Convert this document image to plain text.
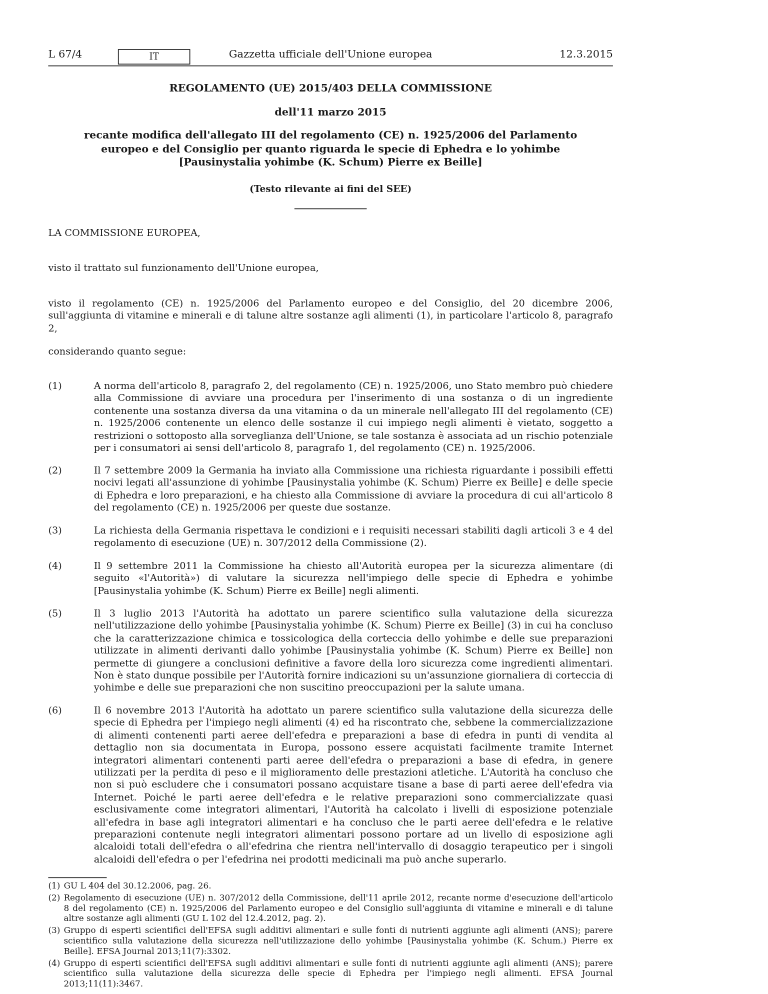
L 67/4	IT	Gazzetta ufficiale dell'Unione europea	12.3.2015
REGOLAMENTO (UE) 2015/403 DELLA COMMISSIONE
dell'11 marzo 2015
recante modifica dell'allegato III del regolamento (CE) n. 1925/2006 del Parlamento europeo e del Consiglio per quanto riguarda le specie di Ephedra e lo yohimbe [Pausinystalia yohimbe (K. Schum) Pierre ex Beille]
(Testo rilevante ai fini del SEE)
LA COMMISSIONE EUROPEA,
visto il trattato sul funzionamento dell'Unione europea,
visto il regolamento (CE) n. 1925/2006 del Parlamento europeo e del Consiglio, del 20 dicembre 2006, sull'aggiunta di vitamine e minerali e di talune altre sostanze agli alimenti (1), in particolare l'articolo 8, paragrafo 2,
considerando quanto segue:
(1)	A norma dell'articolo 8, paragrafo 2, del regolamento (CE) n. 1925/2006, uno Stato membro può chiedere alla Commissione di avviare una procedura per l'inserimento di una sostanza o di un ingrediente contenente una sostanza diversa da una vitamina o da un minerale nell'allegato III del regolamento (CE) n. 1925/2006 contenente un elenco delle sostanze il cui impiego negli alimenti è vietato, soggetto a restrizioni o sottoposto alla sorveglianza dell'Unione, se tale sostanza è associata ad un rischio potenziale per i consumatori ai sensi dell'articolo 8, paragrafo 1, del regolamento (CE) n. 1925/2006.
(2)	Il 7 settembre 2009 la Germania ha inviato alla Commissione una richiesta riguardante i possibili effetti nocivi legati all'assunzione di yohimbe [Pausinystalia yohimbe (K. Schum) Pierre ex Beille] e delle specie di Ephedra e loro preparazioni, e ha chiesto alla Commissione di avviare la procedura di cui all'articolo 8 del regolamento (CE) n. 1925/2006 per queste due sostanze.
(3)	La richiesta della Germania rispettava le condizioni e i requisiti necessari stabiliti dagli articoli 3 e 4 del regolamento di esecuzione (UE) n. 307/2012 della Commissione (2).
(4)	Il 9 settembre 2011 la Commissione ha chiesto all'Autorità europea per la sicurezza alimentare (di seguito «l'Autorità») di valutare la sicurezza nell'impiego delle specie di Ephedra e yohimbe [Pausinystalia yohimbe (K. Schum) Pierre ex Beille] negli alimenti.
(5)	Il 3 luglio 2013 l'Autorità ha adottato un parere scientifico sulla valutazione della sicurezza nell'utilizzazione dello yohimbe [Pausinystalia yohimbe (K. Schum) Pierre ex Beille] (3) in cui ha concluso che la caratterizzazione chimica e tossicologica della corteccia dello yohimbe e delle sue preparazioni utilizzate in alimenti derivanti dallo yohimbe [Pausinystalia yohimbe (K. Schum) Pierre ex Beille] non permette di giungere a conclusioni definitive a favore della loro sicurezza come ingredienti alimentari. Non è stato dunque possibile per l'Autorità fornire indicazioni su un'assunzione giornaliera di corteccia di yohimbe e delle sue preparazioni che non suscitino preoccupazioni per la salute umana.
(6)	Il 6 novembre 2013 l'Autorità ha adottato un parere scientifico sulla valutazione della sicurezza delle specie di Ephedra per l'impiego negli alimenti (4) ed ha riscontrato che, sebbene la commercializzazione di alimenti contenenti parti aeree dell'efedra e preparazioni a base di efedra in punti di vendita al dettaglio non sia documentata in Europa, possono essere acquistati facilmente tramite Internet integratori alimentari contenenti parti aeree dell'efedra o preparazioni a base di efedra, in genere utilizzati per la perdita di peso e il miglioramento delle prestazioni atletiche. L'Autorità ha concluso che non si può escludere che i consumatori possano acquistare tisane a base di parti aeree dell'efedra via Internet. Poiché le parti aeree dell'efedra e le relative preparazioni sono commercializzate quasi esclusivamente come integratori alimentari, l'Autorità ha calcolato i livelli di esposizione potenziale all'efedra in base agli integratori alimentari e ha concluso che le parti aeree dell'efedra e le relative preparazioni contenute negli integratori alimentari possono portare ad un livello di esposizione agli alcaloidi totali dell'efedra o all'efedrina che rientra nell'intervallo di dosaggio terapeutico per i singoli alcaloidi dell'efedra o per l'efedrina nei prodotti medicinali ma può anche superarlo.
(1) GU L 404 del 30.12.2006, pag. 26.
(2) Regolamento di esecuzione (UE) n. 307/2012 della Commissione, dell'11 aprile 2012, recante norme d'esecuzione dell'articolo 8 del regolamento (CE) n. 1925/2006 del Parlamento europeo e del Consiglio sull'aggiunta di vitamine e minerali e di talune altre sostanze agli alimenti (GU L 102 del 12.4.2012, pag. 2).
(3) Gruppo di esperti scientifici dell'EFSA sugli additivi alimentari e sulle fonti di nutrienti aggiunte agli alimenti (ANS); parere scientifico sulla valutazione della sicurezza nell'utilizzazione dello yohimbe [Pausinystalia yohimbe (K. Schum.) Pierre ex Beille]. EFSA Journal 2013;11(7):3302.
(4) Gruppo di esperti scientifici dell'EFSA sugli additivi alimentari e sulle fonti di nutrienti aggiunte agli alimenti (ANS); parere scientifico sulla valutazione della sicurezza delle specie di Ephedra per l'impiego negli alimenti. EFSA Journal 2013;11(11):3467.
